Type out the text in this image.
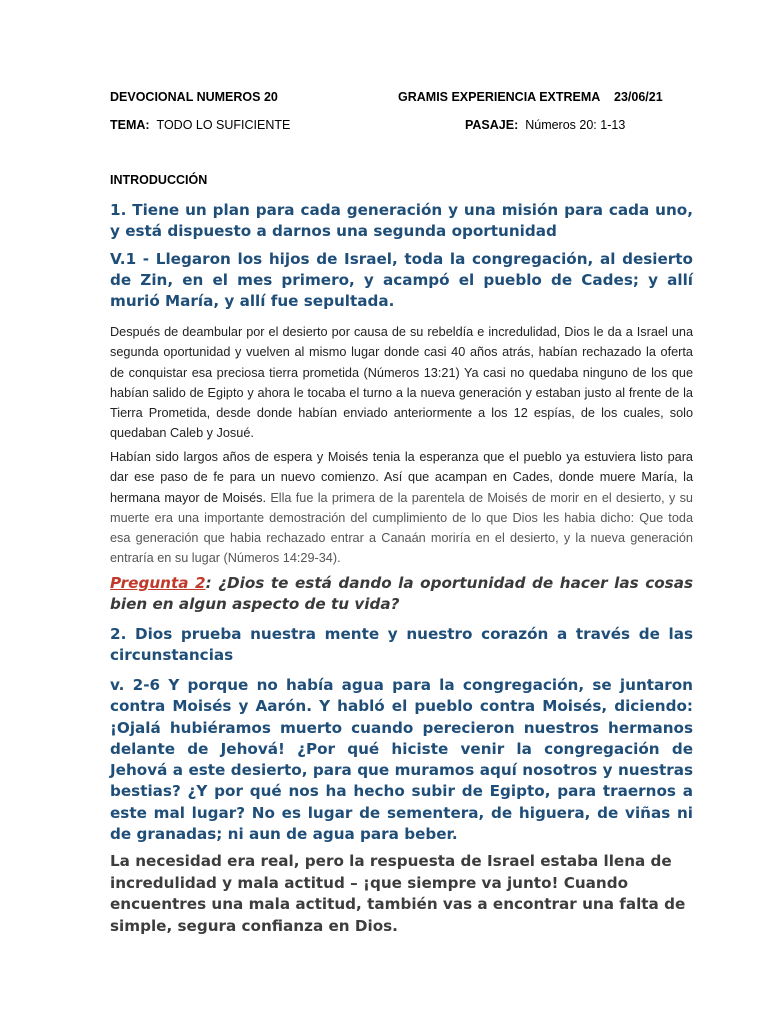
DEVOCIONAL NUMEROS 20	GRAMIS EXPERIENCIA EXTREMA 23/06/21
TEMA: TODO LO SUFICIENTE	PASAJE: Números 20: 1-13
INTRODUCCIÓN

1. Tiene un plan para cada generación y una misión para cada uno, y está dispuesto a darnos una segunda oportunidad

V.1 - Llegaron los hijos de Israel, toda la congregación, al desierto de Zin, en el mes primero, y acampó el pueblo de Cades; y allí murió María, y allí fue sepultada.

Después de deambular por el desierto por causa de su rebeldía e incredulidad, Dios le da a Israel una segunda oportunidad y vuelven al mismo lugar donde casi 40 años atrás, habían rechazado la oferta de conquistar esa preciosa tierra prometida (Números 13:21) Ya casi no quedaba ninguno de los que habían salido de Egipto y ahora le tocaba el turno a la nueva generación y estaban justo al frente de la Tierra Prometida, desde donde habían enviado anteriormente a los 12 espías, de los cuales, solo quedaban Caleb y Josué.

Habían sido largos años de espera y Moisés tenia la esperanza que el pueblo ya estuviera listo para dar ese paso de fe para un nuevo comienzo. Así que acampan en Cades, donde muere María, la hermana mayor de Moisés. Ella fue la primera de la parentela de Moisés de morir en el desierto, y su muerte era una importante demostración del cumplimiento de lo que Dios les habia dicho: Que toda esa generación que habia rechazado entrar a Canaán moriría en el desierto, y la nueva generación entraría en su lugar (Números 14:29-34).

Pregunta 2: ¿Dios te está dando la oportunidad de hacer las cosas bien en algun aspecto de tu vida?

2. Dios prueba nuestra mente y nuestro corazón a través de las circunstancias

v. 2-6 Y porque no había agua para la congregación, se juntaron contra Moisés y Aarón. Y habló el pueblo contra Moisés, diciendo: ¡Ojalá hubiéramos muerto cuando perecieron nuestros hermanos delante de Jehová! ¿Por qué hiciste venir la congregación de Jehová a este desierto, para que muramos aquí nosotros y nuestras bestias? ¿Y por qué nos ha hecho subir de Egipto, para traernos a este mal lugar? No es lugar de sementera, de higuera, de viñas ni de granadas; ni aun de agua para beber.

La necesidad era real, pero la respuesta de Israel estaba llena de incredulidad y mala actitud – ¡que siempre va junto! Cuando encuentres una mala actitud, también vas a encontrar una falta de simple, segura confianza en Dios.
